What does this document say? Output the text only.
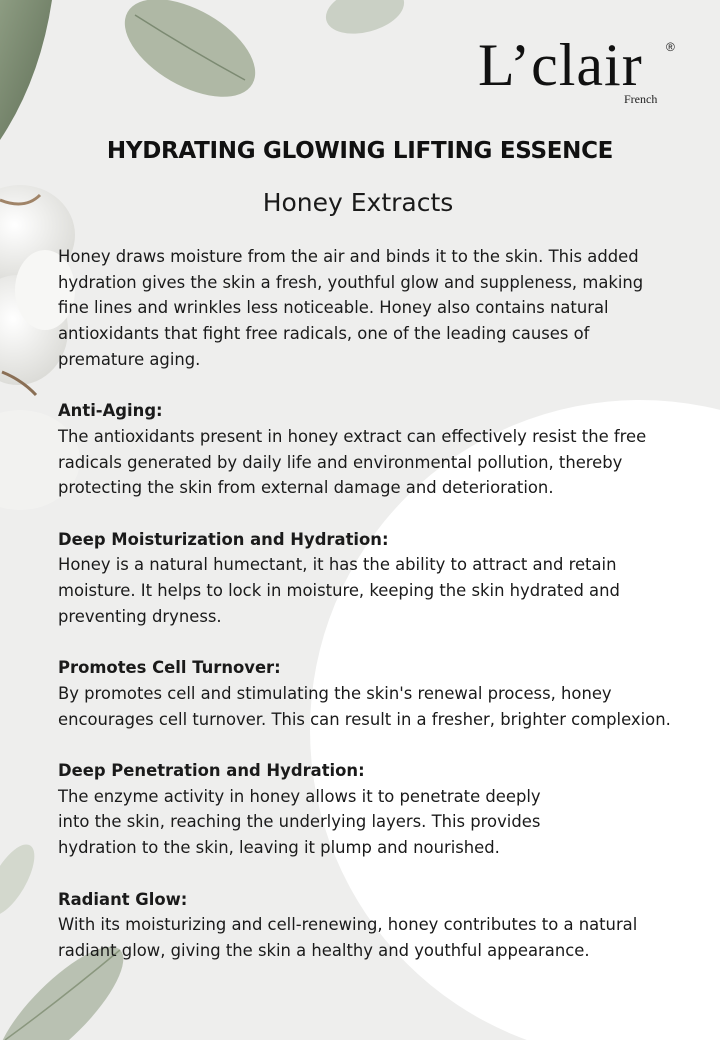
L’clair ®
French
HYDRATING GLOWING LIFTING ESSENCE
Honey Extracts

Honey draws moisture from the air and binds it to the skin. This added hydration gives the skin a fresh, youthful glow and suppleness, making fine lines and wrinkles less noticeable. Honey also contains natural antioxidants that fight free radicals, one of the leading causes of premature aging.

Anti-Aging:

The antioxidants present in honey extract can effectively resist the free radicals generated by daily life and environmental pollution, thereby protecting the skin from external damage and deterioration.

Deep Moisturization and Hydration:

Honey is a natural humectant, it has the ability to attract and retain moisture. It helps to lock in moisture, keeping the skin hydrated and preventing dryness.

Promotes Cell Turnover:

By promotes cell and stimulating the skin's renewal process, honey encourages cell turnover. This can result in a fresher, brighter complexion.

Deep Penetration and Hydration:

The enzyme activity in honey allows it to penetrate deeply into the skin, reaching the underlying layers. This provides hydration to the skin, leaving it plump and nourished.

Radiant Glow:

With its moisturizing and cell-renewing, honey contributes to a natural radiant glow, giving the skin a healthy and youthful appearance.
